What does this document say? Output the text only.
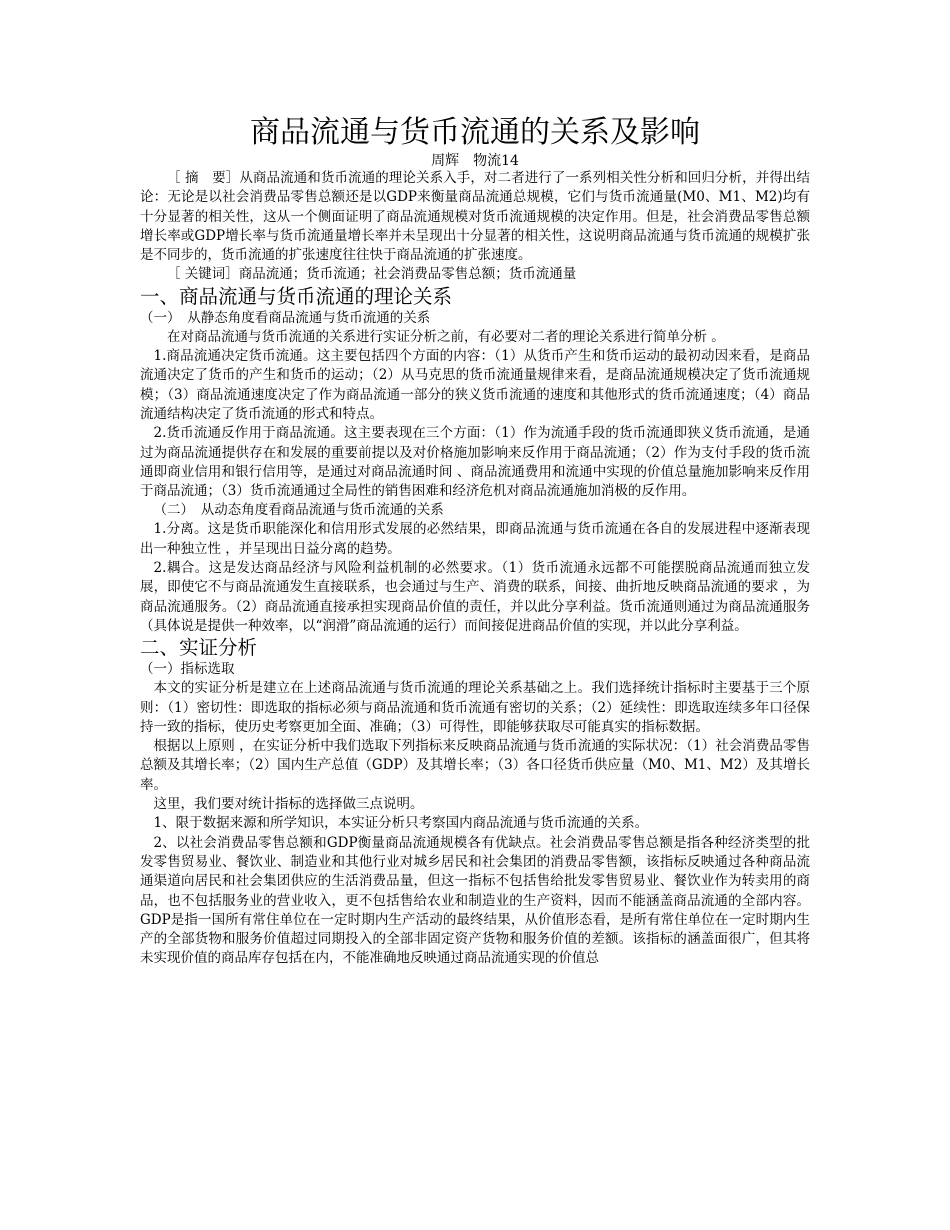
商品流通与货币流通的关系及影响

周辉　物流14

［ 摘　要］从商品流通和货币流通的理论关系入手，对二者进行了一系列相关性分析和回归分析，并得出结论：无论是以社会消费品零售总额还是以GDP来衡量商品流通总规模，它们与货币流通量(M0、M1、M2)均有十分显著的相关性，这从一个侧面证明了商品流通规模对货币流通规模的决定作用。但是，社会消费品零售总额增长率或GDP增长率与货币流通量增长率并未呈现出十分显著的相关性，这说明商品流通与货币流通的规模扩张是不同步的，货币流通的扩张速度往往快于商品流通的扩张速度。

［ 关键词］商品流通；货币流通；社会消费品零售总额；货币流通量

一、商品流通与货币流通的理论关系
（一）　从静态角度看商品流通与货币流通的关系

在对商品流通与货币流通的关系进行实证分析之前，有必要对二者的理论关系进行简单分析 。

1.商品流通决定货币流通。这主要包括四个方面的内容：（1）从货币产生和货币运动的最初动因来看，是商品流通决定了货币的产生和货币的运动；（2）从马克思的货币流通量规律来看，是商品流通规模决定了货币流通规模；（3）商品流通速度决定了作为商品流通一部分的狭义货币流通的速度和其他形式的货币流通速度；（4）商品流通结构决定了货币流通的形式和特点。

2.货币流通反作用于商品流通。这主要表现在三个方面：（1）作为流通手段的货币流通即狭义货币流通，是通过为商品流通提供存在和发展的重要前提以及对价格施加影响来反作用于商品流通；（2）作为支付手段的货币流通即商业信用和银行信用等，是通过对商品流通时间 、商品流通费用和流通中实现的价值总量施加影响来反作用于商品流通；（3）货币流通通过全局性的销售困难和经济危机对商品流通施加消极的反作用。

（二）　从动态角度看商品流通与货币流通的关系

1.分离。这是货币职能深化和信用形式发展的必然结果，即商品流通与货币流通在各自的发展进程中逐渐表现出一种独立性 ，并呈现出日益分离的趋势。

2.耦合。这是发达商品经济与风险利益机制的必然要求。（1）货币流通永远都不可能摆脱商品流通而独立发展，即使它不与商品流通发生直接联系，也会通过与生产、消费的联系，间接、曲折地反映商品流通的要求 ，为商品流通服务。（2）商品流通直接承担实现商品价值的责任，并以此分享利益。货币流通则通过为商品流通服务（具体说是提供一种效率，以“润滑”商品流通的运行）而间接促进商品价值的实现，并以此分享利益。

二、实证分析
（一）指标选取

本文的实证分析是建立在上述商品流通与货币流通的理论关系基础之上。我们选择统计指标时主要基于三个原则：（1）密切性：即选取的指标必须与商品流通和货币流通有密切的关系；（2）延续性：即选取连续多年口径保持一致的指标，使历史考察更加全面、准确；（3）可得性，即能够获取尽可能真实的指标数据。

根据以上原则 ，在实证分析中我们选取下列指标来反映商品流通与货币流通的实际状况：（1）社会消费品零售总额及其增长率；（2）国内生产总值（GDP）及其增长率；（3）各口径货币供应量（M0、M1、M2）及其增长率。

这里，我们要对统计指标的选择做三点说明。

1、限于数据来源和所学知识，本实证分析只考察国内商品流通与货币流通的关系。

2、以社会消费品零售总额和GDP衡量商品流通规模各有优缺点。社会消费品零售总额是指各种经济类型的批发零售贸易业、餐饮业、制造业和其他行业对城乡居民和社会集团的消费品零售额，该指标反映通过各种商品流通渠道向居民和社会集团供应的生活消费品量，但这一指标不包括售给批发零售贸易业、餐饮业作为转卖用的商品，也不包括服务业的营业收入，更不包括售给农业和制造业的生产资料，因而不能涵盖商品流通的全部内容。GDP是指一国所有常住单位在一定时期内生产活动的最终结果，从价值形态看，是所有常住单位在一定时期内生产的全部货物和服务价值超过同期投入的全部非固定资产货物和服务价值的差额。该指标的涵盖面很广，但其将未实现价值的商品库存包括在内，不能准确地反映通过商品流通实现的价值总
